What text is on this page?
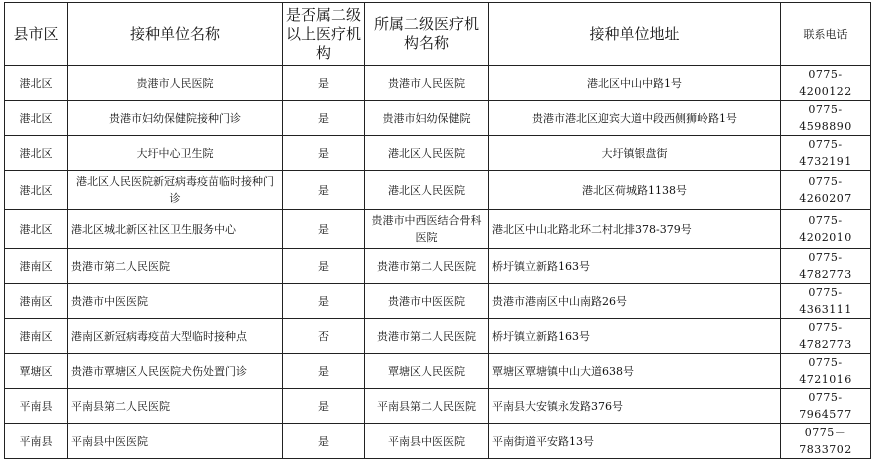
县市区	接种单位名称	是否属二级以上医疗机构	所属二级医疗机构名称	接种单位地址	联系电话
港北区	贵港市人民医院	是	贵港市人民医院	港北区中山中路1号	0775-4200122
港北区	贵港市妇幼保健院接种门诊	是	贵港市妇幼保健院	贵港市港北区迎宾大道中段西侧狮岭路1号	0775-4598890
港北区	大圩中心卫生院	是	港北区人民医院	大圩镇银盘街	0775-4732191
港北区	港北区人民医院新冠病毒疫苗临时接种门诊	是	港北区人民医院	港北区荷城路1138号	0775-4260207
港北区	港北区城北新区社区卫生服务中心	是	贵港市中西医结合骨科医院	港北区中山北路北环二村北排378-379号	0775-4202010
港南区	贵港市第二人民医院	是	贵港市第二人民医院	桥圩镇立新路163号	0775-4782773
港南区	贵港市中医医院	是	贵港市中医医院	贵港市港南区中山南路26号	0775-4363111
港南区	港南区新冠病毒疫苗大型临时接种点	否	贵港市第二人民医院	桥圩镇立新路163号	0775-4782773
覃塘区	贵港市覃塘区人民医院犬伤处置门诊	是	覃塘区人民医院	覃塘区覃塘镇中山大道638号	0775-4721016
平南县	平南县第二人民医院	是	平南县第二人民医院	平南县大安镇永发路376号	0775-7964577
平南县	平南县中医医院	是	平南县中医医院	平南街道平安路13号	0775－7833702
